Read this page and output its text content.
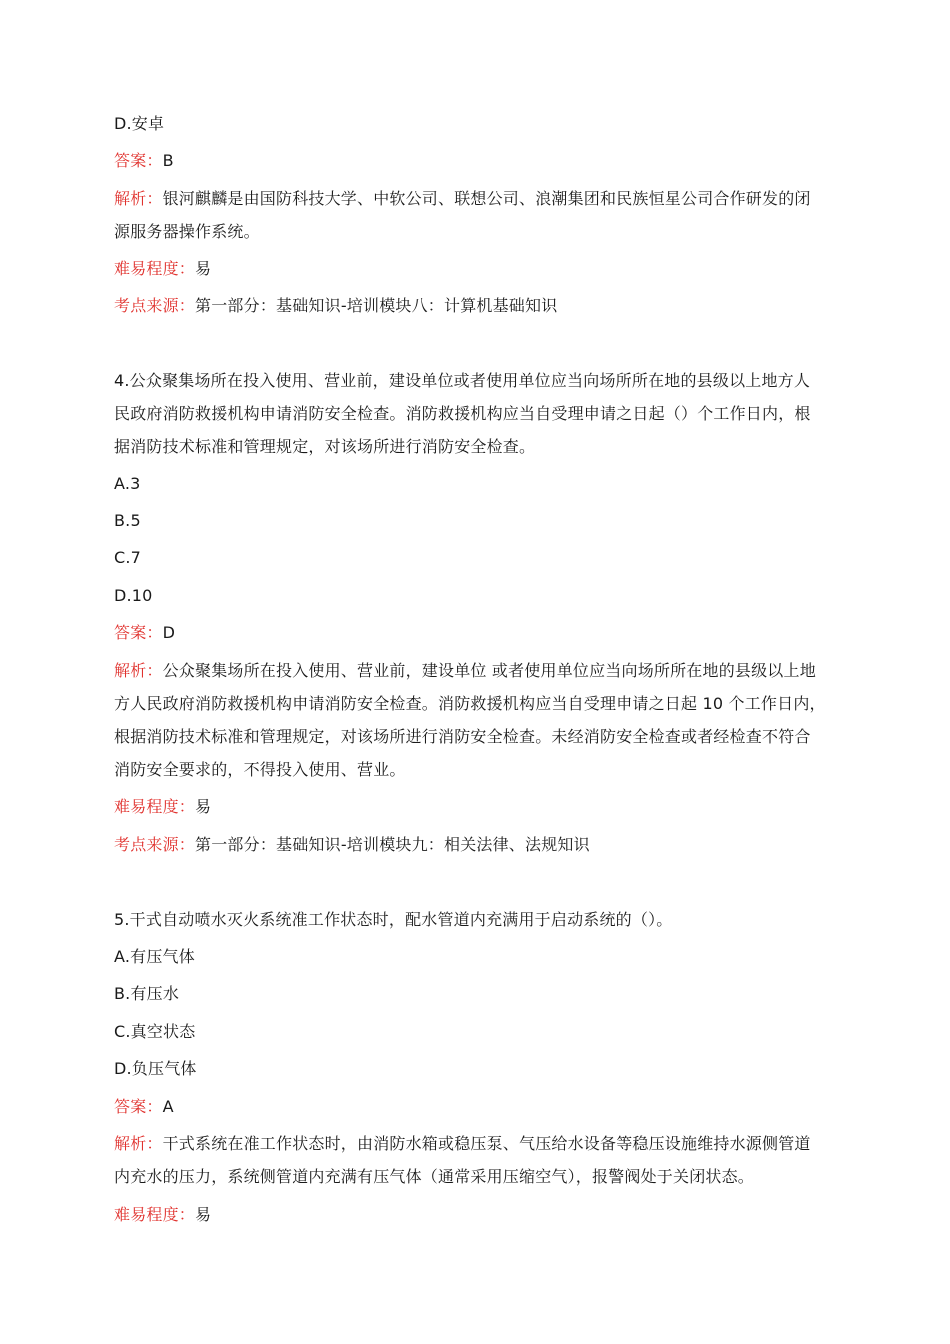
D.安卓
答案：B
解析：银河麒麟是由国防科技大学、中软公司、联想公司、浪潮集团和民族恒星公司合作研发的闭
源服务器操作系统。
难易程度：易
考点来源：第一部分：基础知识-培训模块八：计算机基础知识
4.公众聚集场所在投入使用、营业前，建设单位或者使用单位应当向场所所在地的县级以上地方人
民政府消防救援机构申请消防安全检查。消防救援机构应当自受理申请之日起（）个工作日内，根
据消防技术标准和管理规定，对该场所进行消防安全检查。
A.3
B.5
C.7
D.10
答案：D
解析：公众聚集场所在投入使用、营业前，建设单位 或者使用单位应当向场所所在地的县级以上地
方人民政府消防救援机构申请消防安全检查。消防救援机构应当自受理申请之日起 10 个工作日内，
根据消防技术标准和管理规定，对该场所进行消防安全检查。未经消防安全检查或者经检查不符合
消防安全要求的，不得投入使用、营业。
难易程度：易
考点来源：第一部分：基础知识-培训模块九：相关法律、法规知识
5.干式自动喷水灭火系统准工作状态时，配水管道内充满用于启动系统的（）。
A.有压气体
B.有压水
C.真空状态
D.负压气体
答案：A
解析：干式系统在准工作状态时，由消防水箱或稳压泵、气压给水设备等稳压设施维持水源侧管道
内充水的压力，系统侧管道内充满有压气体（通常采用压缩空气），报警阀处于关闭状态。
难易程度：易
